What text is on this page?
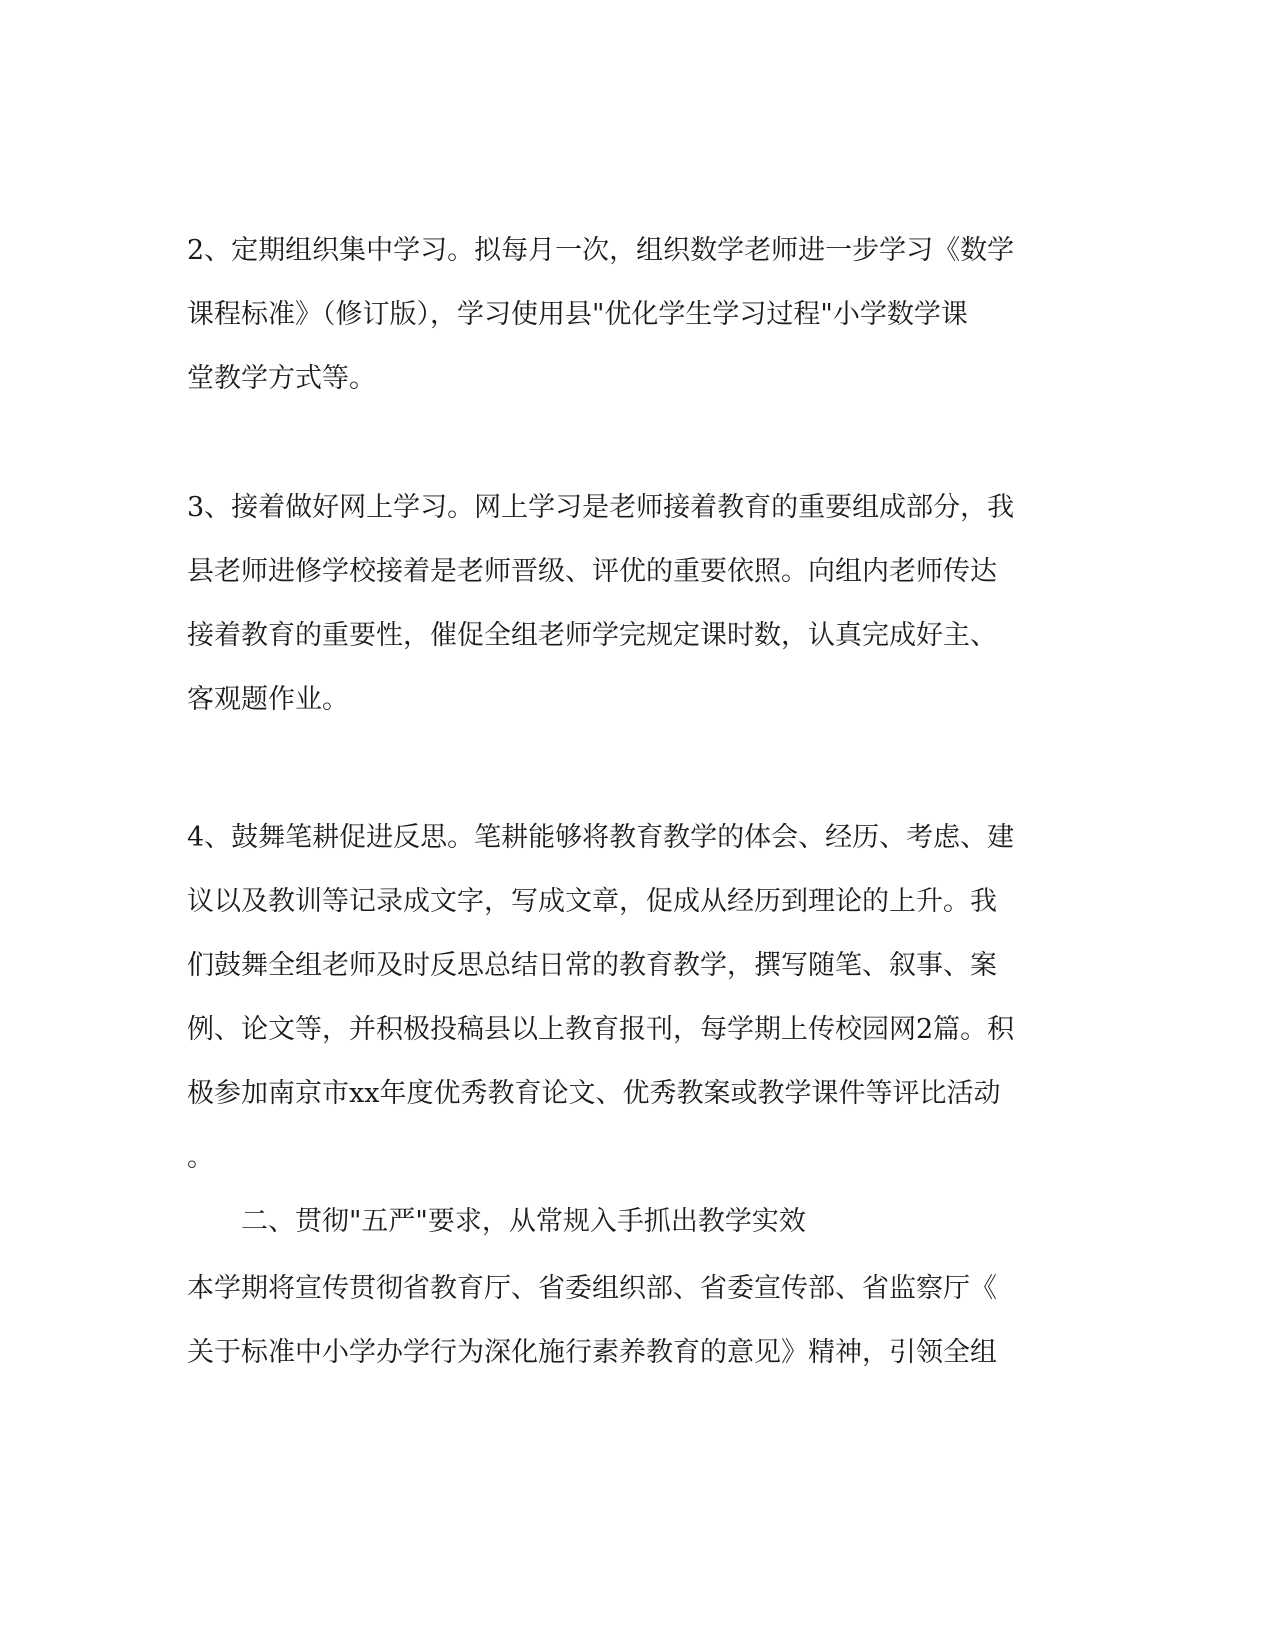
2、定期组织集中学习。拟每月一次，组织数学老师进一步学习《数学
课程标准》（修订版），学习使用县"优化学生学习过程"小学数学课
堂教学方式等。

3、接着做好网上学习。网上学习是老师接着教育的重要组成部分，我
县老师进修学校接着是老师晋级、评优的重要依照。向组内老师传达
接着教育的重要性，催促全组老师学完规定课时数，认真完成好主、
客观题作业。

4、鼓舞笔耕促进反思。笔耕能够将教育教学的体会、经历、考虑、建
议以及教训等记录成文字，写成文章，促成从经历到理论的上升。我
们鼓舞全组老师及时反思总结日常的教育教学，撰写随笔、叙事、案
例、论文等，并积极投稿县以上教育报刊，每学期上传校园网2篇。积
极参加南京市xx年度优秀教育论文、优秀教案或教学课件等评比活动
。
　　二、贯彻"五严"要求，从常规入手抓出教学实效

本学期将宣传贯彻省教育厅、省委组织部、省委宣传部、省监察厅《
关于标准中小学办学行为深化施行素养教育的意见》精神，引领全组
